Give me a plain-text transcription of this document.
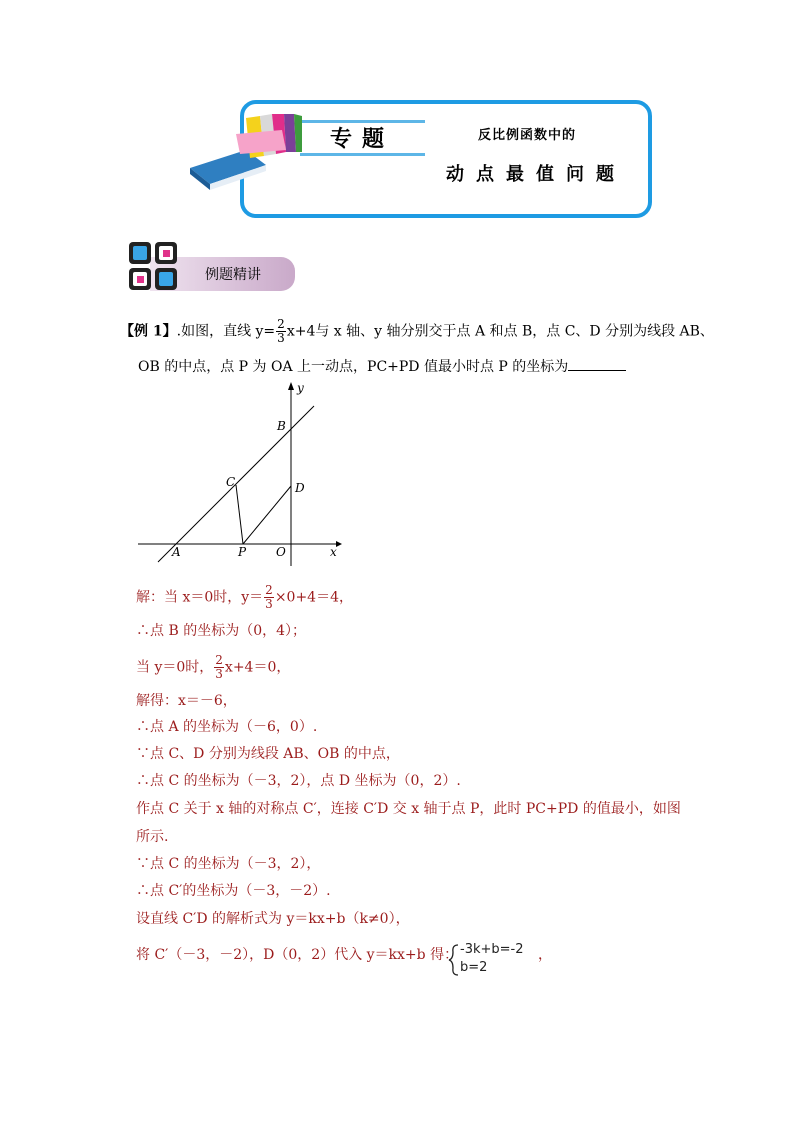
专题	反比例函数中的
动点最值问题
例题精讲
【例 1】.如图，直线 $y= \frac{2}{3} x+4$与 x 轴、y 轴分别交于点 A 和点 B，点 C、D 分别为线段 AB、
OB 的中点，点 P 为 OA 上一动点，PC+PD 值最小时点 P 的坐标为
y
x
B
C	D
A	P O
解：当 x＝0时，$y= \frac{2}{3} \times 0+4=4$，
∴点 B 的坐标为（0，4）；
当 y＝0时， $\frac{2}{3} x+4=0$，
解得：x＝－6，
∴点 A 的坐标为（－6，0）.
∵点 C、D 分别为线段 AB、OB 的中点，
∴点 C 的坐标为（－3，2），点 D 坐标为（0，2）.
作点 C 关于 x 轴的对称点 C′，连接 C′D 交 x 轴于点 P，此时 PC+PD 的值最小，如图
所示.
∵点 C 的坐标为（－3，2），
∴点 C′的坐标为（－3，－2）.
设直线 C′D 的解析式为 y＝kx+b（k≠0），
将 C′（－3，－2），D（0，2）代入 y＝kx+b 得： -3k+b=-2
b=2
，
